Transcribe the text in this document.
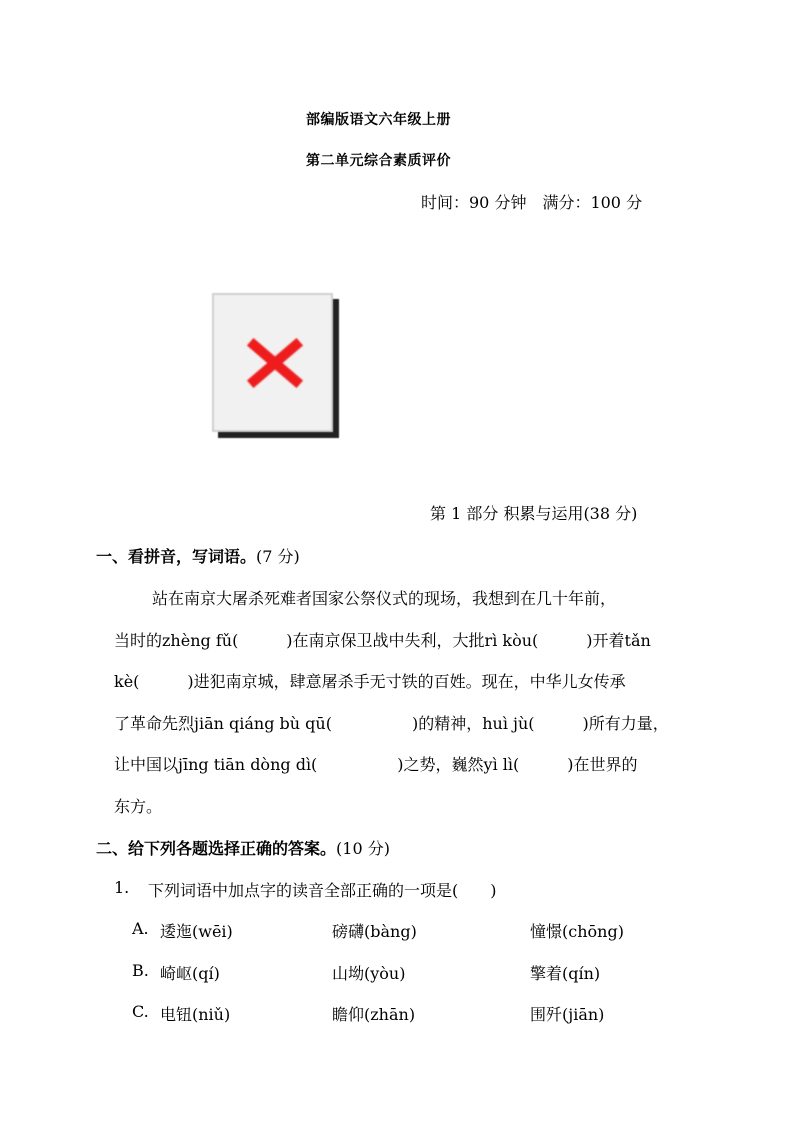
部编版语文六年级上册
第二单元综合素质评价
时间：90 分钟　满分：100 分
第 1 部分 积累与运用(38 分)
一、看拼音，写词语。(7 分)
站在南京大屠杀死难者国家公祭仪式的现场，我想到在几十年前，
当时的zhèng fǔ(　　　)在南京保卫战中失利，大批rì kòu(　　　)开着tǎn
kè(　　　)进犯南京城，肆意屠杀手无寸铁的百姓。现在，中华儿女传承
了革命先烈jiān qiáng bù qū(　　　　　)的精神，huì jù(　　　)所有力量，
让中国以jīng tiān dòng dì(　　　　　)之势，巍然yì lì(　　　)在世界的
东方。
二、给下列各题选择正确的答案。(10 分)
1. 下列词语中加点字的读音全部正确的一项是(　　)
A. 逶迤(wēi)	磅礴(bàng)	憧憬(chōng)
B. 崎岖(qí)	山坳(yòu)	擎着(qín)
C. 电钮(niǔ)	瞻仰(zhān)	围歼(jiān)
